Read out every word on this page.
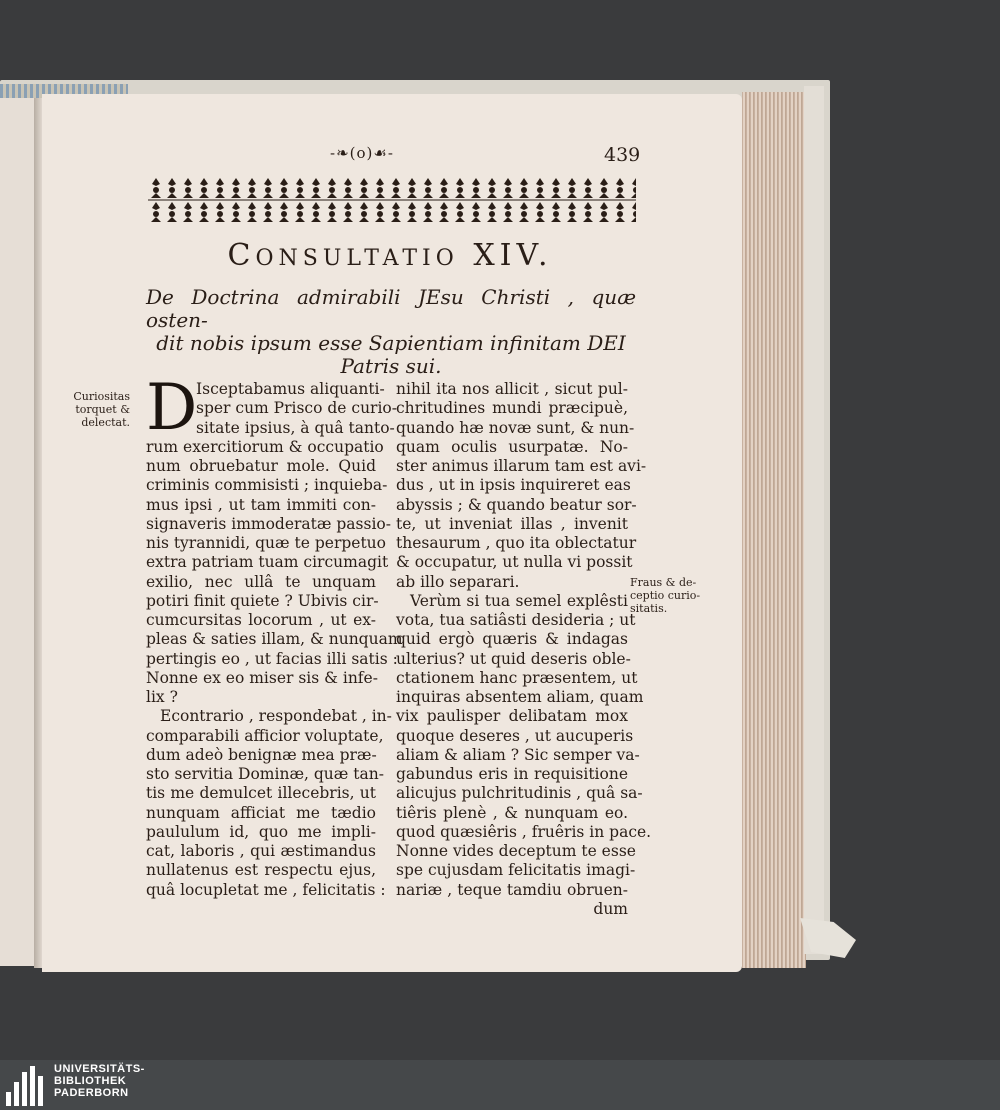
-❧(o)☙-	439
CONSULTATIO XIV.
De Doctrina admirabili JEsu Christi , quæ osten-
dit nobis ipsum esse Sapientiam infinitam DEI
Patris sui.
Curiositas
torquet &
delectat.
Fraus & de-
ceptio curio-
sitatis.
D
Isceptabamus aliquanti-
sper cum Prisco de curio-
sitate ipsius, à quâ tanto-
rum exercitiorum & occupatio
num obruebatur mole. Quid
criminis commisisti ; inquieba-
mus ipsi , ut tam immiti con-
signaveris immoderatæ passio-
nis tyrannidi, quæ te perpetuo
extra patriam tuam circumagit
exilio, nec ullâ te unquam
potiri finit quiete ? Ubivis cir-
cumcursitas locorum , ut ex-
pleas & saties illam, & nunquam
pertingis eo , ut facias illi satis :
Nonne ex eo miser sis & infe-
lix ?
Econtrario , respondebat , in-
comparabili afficior voluptate,
dum adeò benignæ mea præ-
sto servitia Dominæ, quæ tan-
tis me demulcet illecebris, ut
nunquam afficiat me tædio
paululum id, quo me impli-
cat, laboris , qui æstimandus
nullatenus est respectu ejus,
quâ locupletat me , felicitatis :
nihil ita nos allicit , sicut pul-
chritudines mundi præcipuè,
quando hæ novæ sunt, & nun-
quam oculis usurpatæ. No-
ster animus illarum tam est avi-
dus , ut in ipsis inquireret eas
abyssis ; & quando beatur sor-
te, ut inveniat illas , invenit
thesaurum , quo ita oblectatur
& occupatur, ut nulla vi possit
ab illo separari.
Verùm si tua semel explêsti
vota, tua satiâsti desideria ; ut
quid ergò quæris & indagas
ulterius? ut quid deseris oble-
ctationem hanc præsentem, ut
inquiras absentem aliam, quam
vix paulisper delibatam mox
quoque deseres , ut aucuperis
aliam & aliam ? Sic semper va-
gabundus eris in requisitione
alicujus pulchritudinis , quâ sa-
tiêris plenè , & nunquam eo.
quod quæsiêris , fruêris in pace.
Nonne vides deceptum te esse
spe cujusdam felicitatis imagi-
nariæ , teque tamdiu obruen-
dum
UNIVERSITÄTS-
BIBLIOTHEK
PADERBORN
